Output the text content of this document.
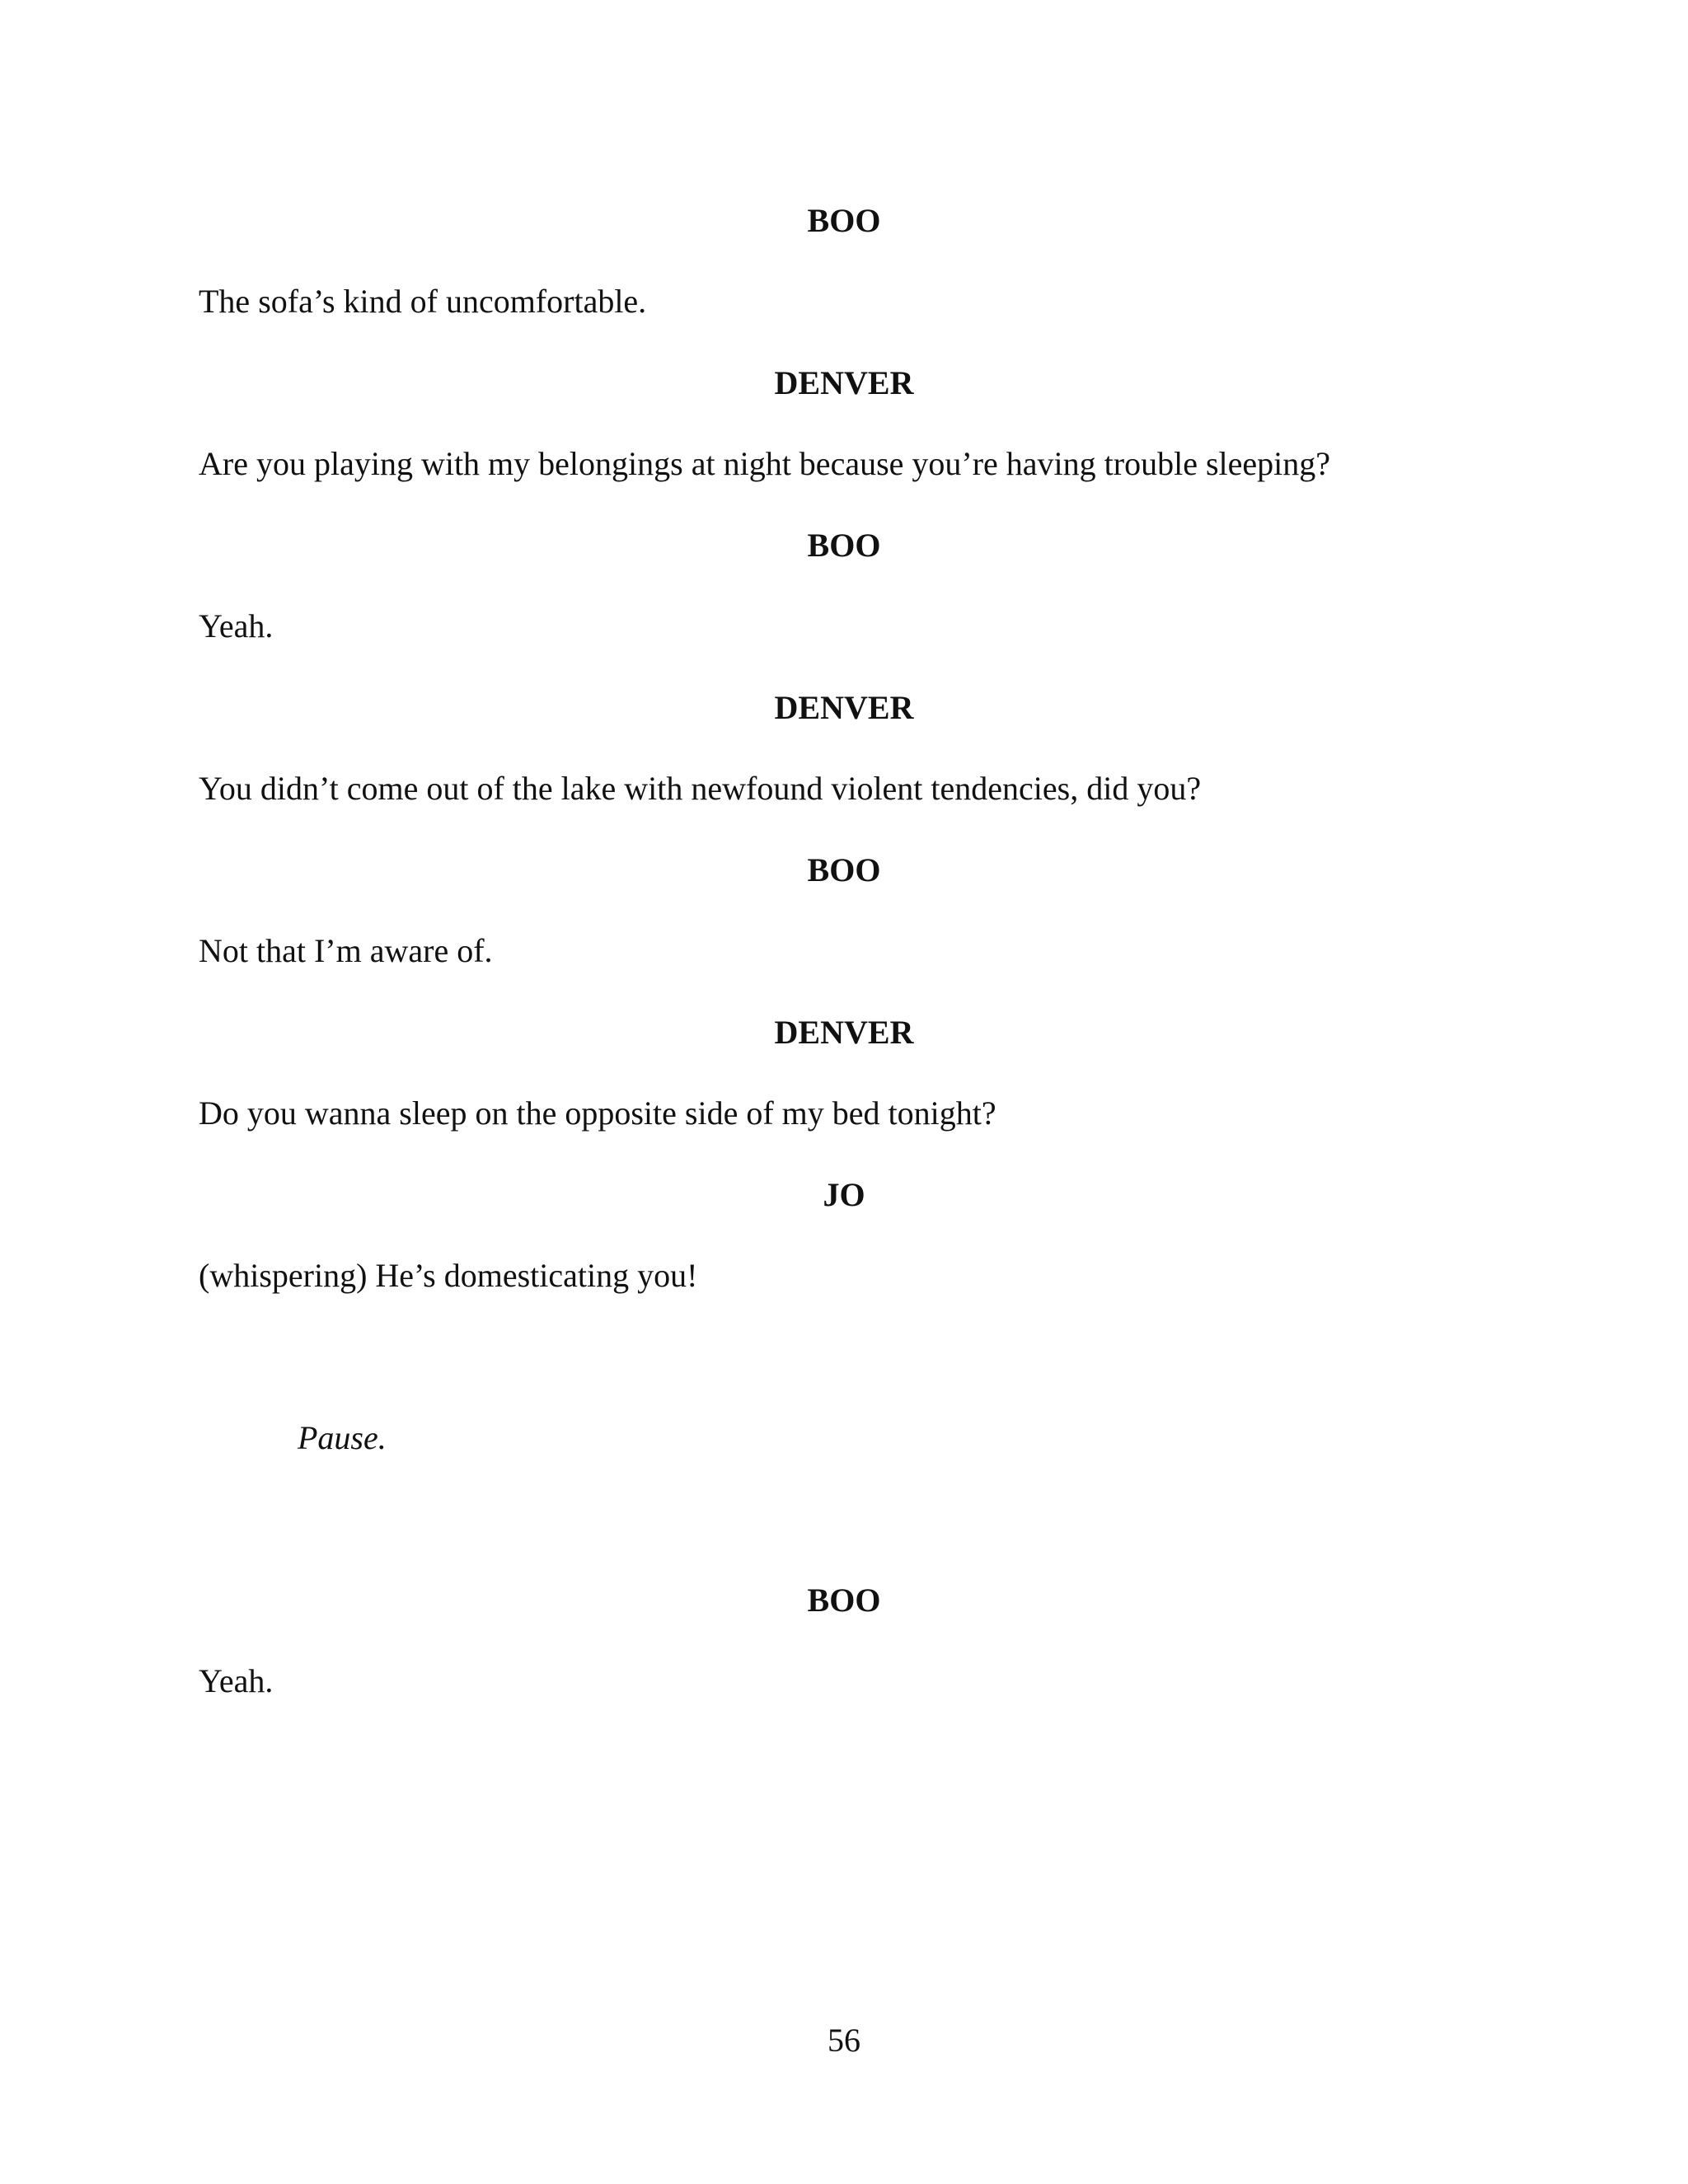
BOO
The sofa’s kind of uncomfortable.
DENVER
Are you playing with my belongings at night because you’re having trouble sleeping?
BOO
Yeah.
DENVER
You didn’t come out of the lake with newfound violent tendencies, did you?
BOO
Not that I’m aware of.
DENVER
Do you wanna sleep on the opposite side of my bed tonight?
JO
(whispering) He’s domesticating you!
Pause.
BOO
Yeah.
56
